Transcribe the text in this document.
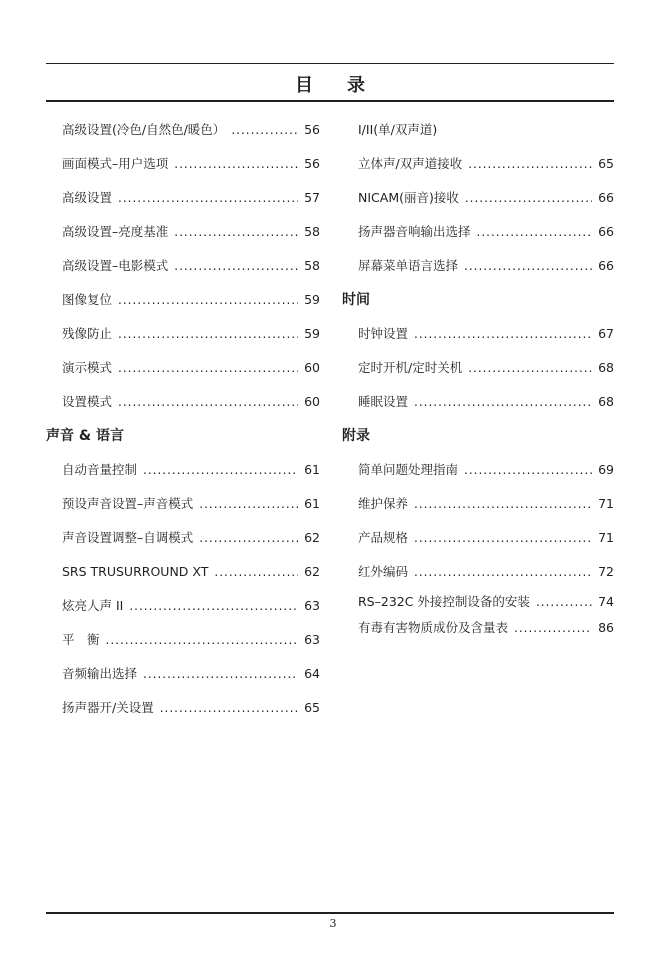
目 录
高级设置(冷色/自然色/暖色） .....	56
画面模式–用户选项 .....	56
高级设置 .....	57
高级设置–亮度基准 .....	58
高级设置–电影模式 .....	58
图像复位 .....	59
残像防止 .....	59
演示模式 .....	60
设置模式 .....	60
声音 & 语言
自动音量控制 .....	61
预设声音设置–声音模式 .....	61
声音设置调整–自调模式 .....	62
SRS TRUSURROUND XT .....	62
炫亮人声 II .....	63
平　衡 .....	63
音频输出选择 .....	64
扬声器开/关设置 .....	65
I/II(单/双声道)
立体声/双声道接收 .....	65
NICAM(丽音)接收 .....	66
扬声器音响输出选择 .....	66
屏幕菜单语言选择 .....	66
时间
时钟设置 .....	67
定时开机/定时关机 .....	68
睡眠设置 .....	68
附录
简单问题处理指南 .....	69
维护保养 .....	71
产品规格 .....	71
红外编码 .....	72
RS–232C 外接控制设备的安装 .....	74
有毒有害物质成份及含量表 .....	86
3
